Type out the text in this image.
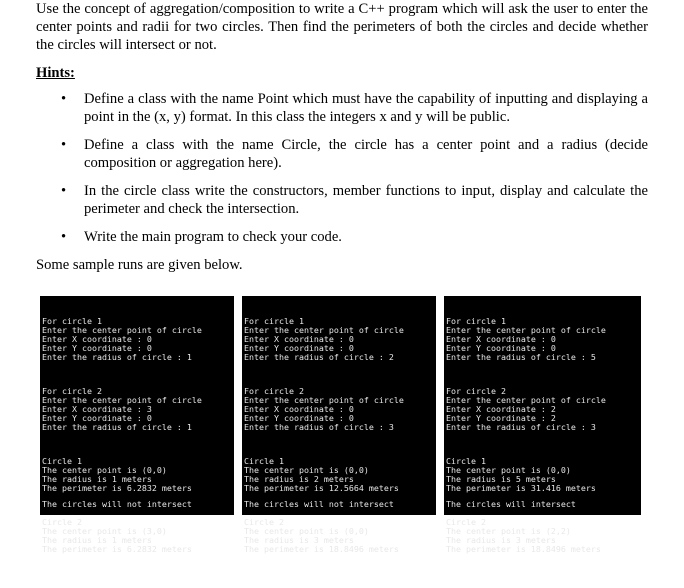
Use the concept of aggregation/composition to write a C++ program which will ask the user to enter the center points and radii for two circles. Then find the perimeters of both the circles and decide whether the circles will intersect or not.

Hints:
• Define a class with the name Point which must have the capability of inputting and displaying a point in the (x, y) format. In this class the integers x and y will be public.
• Define a class with the name Circle, the circle has a center point and a radius (decide composition or aggregation here).
• In the circle class write the constructors, member functions to input, display and calculate the perimeter and check the intersection.
• Write the main program to check your code.

Some sample runs are given below.

For circle 1
Enter the center point of circle
Enter X coordinate : 0
Enter Y coordinate : 0
Enter the radius of circle : 1

For circle 2
Enter the center point of circle
Enter X coordinate : 3
Enter Y coordinate : 0
Enter the radius of circle : 1

Circle 1
The center point is (0,0)
The radius is 1 meters
The perimeter is 6.2832 meters

Circle 2
The center point is (3,0)
The radius is 1 meters
The perimeter is 6.2832 meters

The circles will not intersect

For circle 1
Enter the center point of circle
Enter X coordinate : 0
Enter Y coordinate : 0
Enter the radius of circle : 2

For circle 2
Enter the center point of circle
Enter X coordinate : 0
Enter Y coordinate : 0
Enter the radius of circle : 3

Circle 1
The center point is (0,0)
The radius is 2 meters
The perimeter is 12.5664 meters

Circle 2
The center point is (0,0)
The radius is 3 meters
The perimeter is 18.8496 meters

The circles will not intersect

For circle 1
Enter the center point of circle
Enter X coordinate : 0
Enter Y coordinate : 0
Enter the radius of circle : 5

For circle 2
Enter the center point of circle
Enter X coordinate : 2
Enter Y coordinate : 2
Enter the radius of circle : 3

Circle 1
The center point is (0,0)
The radius is 5 meters
The perimeter is 31.416 meters

Circle 2
The center point is (2,2)
The radius is 3 meters
The perimeter is 18.8496 meters

The circles will intersect
